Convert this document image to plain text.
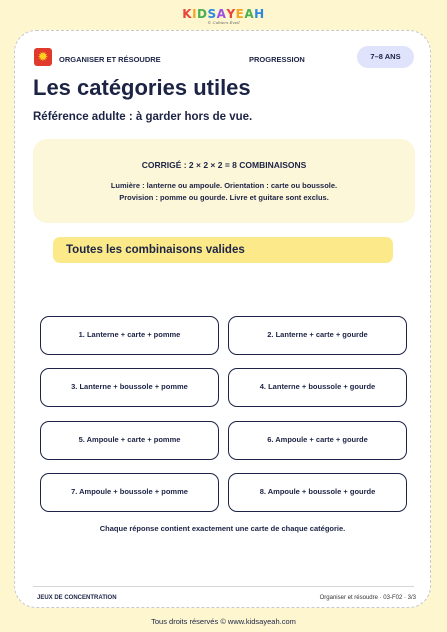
KIDSAYEAH
© Cahiers Éveil
✹	ORGANISER ET RÉSOUDRE	PROGRESSION	7–8 ANS
Les catégories utiles
Référence adulte : à garder hors de vue.
CORRIGÉ : 2 × 2 × 2 = 8 COMBINAISONS
Lumière : lanterne ou ampoule. Orientation : carte ou boussole.
Provision : pomme ou gourde. Livre et guitare sont exclus.
Toutes les combinaisons valides
1. Lanterne + carte + pomme	2. Lanterne + carte + gourde
3. Lanterne + boussole + pomme	4. Lanterne + boussole + gourde
5. Ampoule + carte + pomme	6. Ampoule + carte + gourde
7. Ampoule + boussole + pomme	8. Ampoule + boussole + gourde
Chaque réponse contient exactement une carte de chaque catégorie.
JEUX DE CONCENTRATION	Organiser et résoudre · 03-F02 · 3/3
Tous droits réservés © www.kidsayeah.com
